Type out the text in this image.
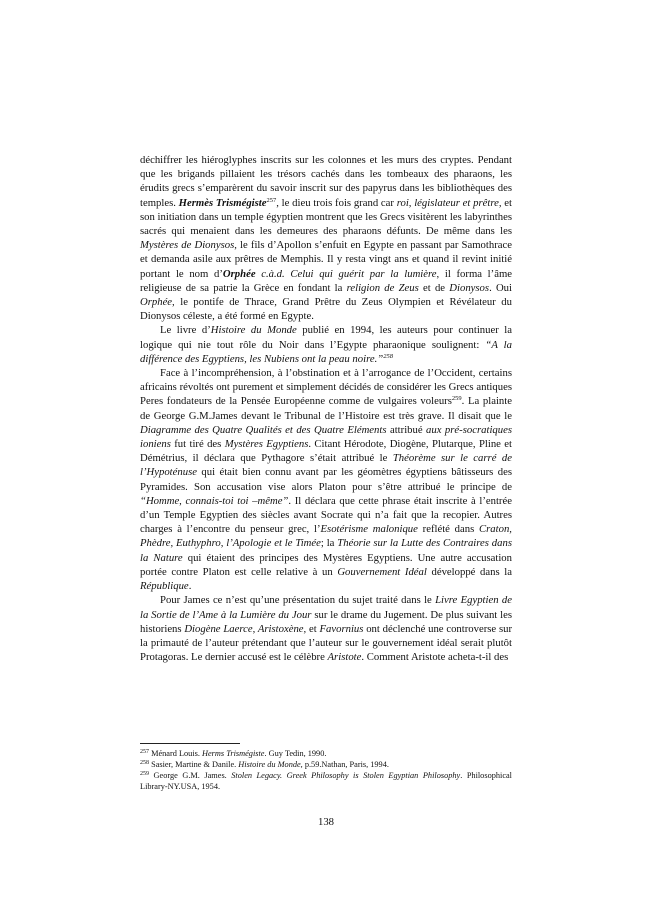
déchiffrer les hiéroglyphes inscrits sur les colonnes et les murs des cryptes. Pendant que les brigands pillaient les trésors cachés dans les tombeaux des pharaons, les érudits grecs s’emparèrent du savoir inscrit sur des papyrus dans les bibliothèques des temples. Hermès Trismégiste$^{257}$, le dieu trois fois grand car roi, législateur et prêtre, et son initiation dans un temple égyptien montrent que les Grecs visitèrent les labyrinthes sacrés qui menaient dans les demeures des pharaons défunts. De même dans les Mystères de Dionysos, le fils d’Apollon s’enfuit en Egypte en passant par Samothrace et demanda asile aux prêtres de Memphis. Il y resta vingt ans et quand il revint initié portant le nom d’Orphée c.à.d. Celui qui guérit par la lumière, il forma l’âme religieuse de sa patrie la Grèce en fondant la religion de Zeus et de Dionysos. Oui Orphée, le pontife de Thrace, Grand Prêtre du Zeus Olympien et Révélateur du Dionysos céleste, a été formé en Egypte.

Le livre d’Histoire du Monde publié en 1994, les auteurs pour continuer la logique qui nie tout rôle du Noir dans l’Egypte pharaonique soulignent: “A la différence des Egyptiens, les Nubiens ont la peau noire.”$^{258}$

Face à l’incompréhension, à l’obstination et à l’arrogance de l’Occident, certains africains révoltés ont purement et simplement décidés de considérer les Grecs antiques Peres fondateurs de la Pensée Européenne comme de vulgaires voleurs$^{259}$. La plainte de George G.M.James devant le Tribunal de l’Histoire est très grave. Il disait que le Diagramme des Quatre Qualités et des Quatre Eléments attribué aux pré-socratiques ioniens fut tiré des Mystères Egyptiens. Citant Hérodote, Diogène, Plutarque, Pline et Démétrius, il déclara que Pythagore s’était attribué le Théorème sur le carré de l’Hypoténuse qui était bien connu avant par les géomètres égyptiens bâtisseurs des Pyramides. Son accusation vise alors Platon pour s’être attribué le principe de “Homme, connais-toi toi –même”. Il déclara que cette phrase était inscrite à l’entrée d’un Temple Egyptien des siècles avant Socrate qui n’a fait que la recopier. Autres charges à l’encontre du penseur grec, l’Esotérisme malonique reflété dans Craton, Phèdre, Euthyphro, l’Apologie et le Timée; la Théorie sur la Lutte des Contraires dans la Nature qui étaient des principes des Mystères Egyptiens. Une autre accusation portée contre Platon est celle relative à un Gouvernement Idéal développé dans la République.

Pour James ce n’est qu’une présentation du sujet traité dans le Livre Egyptien de la Sortie de l’Ame à la Lumière du Jour sur le drame du Jugement. De plus suivant les historiens Diogène Laerce, Aristoxène, et Favornius ont déclenché une controverse sur la primauté de l’auteur prétendant que l’auteur sur le gouvernement idéal serait plutôt Protagoras. Le dernier accusé est le célèbre Aristote. Comment Aristote acheta-t-il des

$^{257}$ Ménard Louis. Herms Trismégiste. Guy Tedin, 1990.
$^{258}$ Sasier, Martine & Danile. Histoire du Monde, p.59.Nathan, Paris, 1994.
$^{259}$ George G.M. James. Stolen Legacy. Greek Philosophy is Stolen Egyptian Philosophy. Philosophical Library-NY.USA, 1954.
138
